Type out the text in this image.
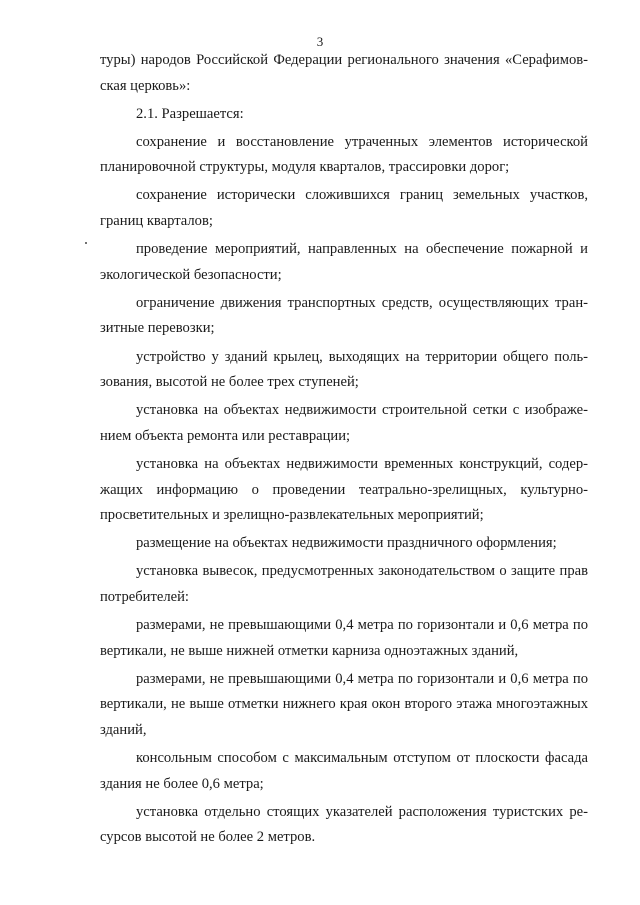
3
туры) народов Российской Федерации регионального значения «Серафимов-
ская церковь»:
2.1. Разрешается:
сохранение и восстановление утраченных элементов исторической
планировочной структуры, модуля кварталов, трассировки дорог;
сохранение исторически сложившихся границ земельных участков,
границ кварталов;
проведение мероприятий, направленных на обеспечение пожарной и
экологической безопасности;
ограничение движения транспортных средств, осуществляющих тран-
зитные перевозки;
устройство у зданий крылец, выходящих на территории общего поль-
зования, высотой не более трех ступеней;
установка на объектах недвижимости строительной сетки с изображе-
нием объекта ремонта или реставрации;
установка на объектах недвижимости временных конструкций, содер-
жащих информацию о проведении театрально-зрелищных, культурно-
просветительных и зрелищно-развлекательных мероприятий;
размещение на объектах недвижимости праздничного оформления;
установка вывесок, предусмотренных законодательством о защите прав
потребителей:
размерами, не превышающими 0,4 метра по горизонтали и 0,6 метра по
вертикали, не выше нижней отметки карниза одноэтажных зданий,
размерами, не превышающими 0,4 метра по горизонтали и 0,6 метра по
вертикали, не выше отметки нижнего края окон второго этажа многоэтажных
зданий,
консольным способом с максимальным отступом от плоскости фасада
здания не более 0,6 метра;
установка отдельно стоящих указателей расположения туристских ре-
сурсов высотой не более 2 метров.
